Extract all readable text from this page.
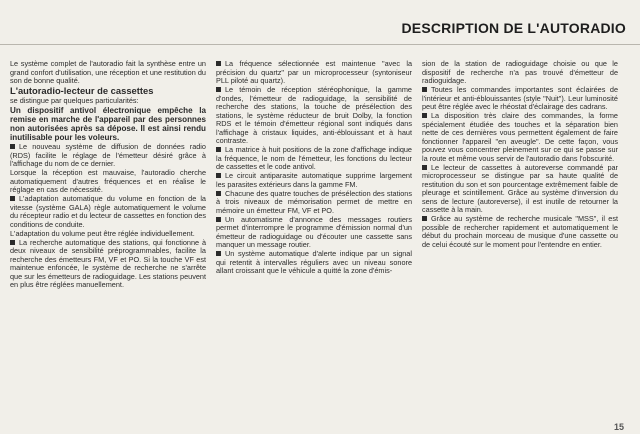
DESCRIPTION DE L'AUTORADIO

Le système complet de l'autoradio fait la synthèse entre un grand confort d'utilisation, une réception et une restitution du son de bonne qualité.

L'autoradio-lecteur de cassettes

se distingue par quelques particularités:

Un dispositif antivol électronique empêche la remise en marche de l'appareil par des personnes non autorisées après sa dépose. Il est ainsi rendu inutilisable pour les voleurs.

Le nouveau système de diffusion de données radio (RDS) facilite le réglage de l'émetteur désiré grâce à l'affichage du nom de ce dernier.

Lorsque la réception est mauvaise, l'autoradio cherche automatiquement d'autres fréquences et en réalise le réglage en cas de nécessité.

L'adaptation automatique du volume en fonction de la vitesse (système GALA) règle automatiquement le volume du récepteur radio et du lecteur de cassettes en fonction des conditions de conduite.

L'adaptation du volume peut être réglée individuellement.

La recherche automatique des stations, qui fonctionne à deux niveaux de sensibilité préprogrammables, facilite la recherche des émetteurs FM, VF et PO. Si la touche VF est maintenue enfoncée, le système de recherche ne s'arrête que sur les émetteurs de radioguidage. Les stations peuvent en plus être réglées manuellement.

La fréquence sélectionnée est maintenue "avec la précision du quartz" par un microprocesseur (syntoniseur PLL piloté au quartz).

Le témoin de réception stéréophonique, la gamme d'ondes, l'émetteur de radioguidage, la sensibilité de recherche des stations, la touche de présélection des stations, le système réducteur de bruit Dolby, la fonction RDS et le témoin d'émetteur régional sont indiqués dans l'affichage à cristaux liquides, anti-éblouissant et à haut contraste.

La matrice à huit positions de la zone d'affichage indique la fréquence, le nom de l'émetteur, les fonctions du lecteur de cassettes et le code antivol.

Le circuit antiparasite automatique supprime largement les parasites extérieurs dans la gamme FM.

Chacune des quatre touches de présélection des stations à trois niveaux de mémorisation permet de mettre en mémoire un émetteur FM, VF et PO.

Un automatisme d'annonce des messages routiers permet d'interrompre le programme d'émission normal d'un émetteur de radioguidage ou d'écouter une cassette sans manquer un message routier.

Un système automatique d'alerte indique par un signal qui retentit à intervalles réguliers avec un niveau sonore allant croissant que le véhicule a quitté la zone d'émis-

sion de la station de radioguidage choisie ou que le dispositif de recherche n'a pas trouvé d'émetteur de radioguidage.

Toutes les commandes importantes sont éclairées de l'intérieur et anti-éblouissantes (style "Nuit"). Leur luminosité peut être réglée avec le rhéostat d'éclairage des cadrans.

La disposition très claire des commandes, la forme spécialement étudiée des touches et la séparation bien nette de ces dernières vous permettent également de faire fonctionner l'appareil "en aveugle". De cette façon, vous pouvez vous concentrer pleinement sur ce qui se passe sur la route et même vous servir de l'autoradio dans l'obscurité.

Le lecteur de cassettes à autoreverse commandé par microprocesseur se distingue par sa haute qualité de restitution du son et son pourcentage extrêmement faible de pleurage et scintillement. Grâce au système d'inversion du sens de lecture (autoreverse), il est inutile de retourner la cassette à la main.

Grâce au système de recherche musicale "MSS", il est possible de rechercher rapidement et automatiquement le début du prochain morceau de musique d'une cassette ou de celui écouté sur le moment pour l'entendre en entier.

15
